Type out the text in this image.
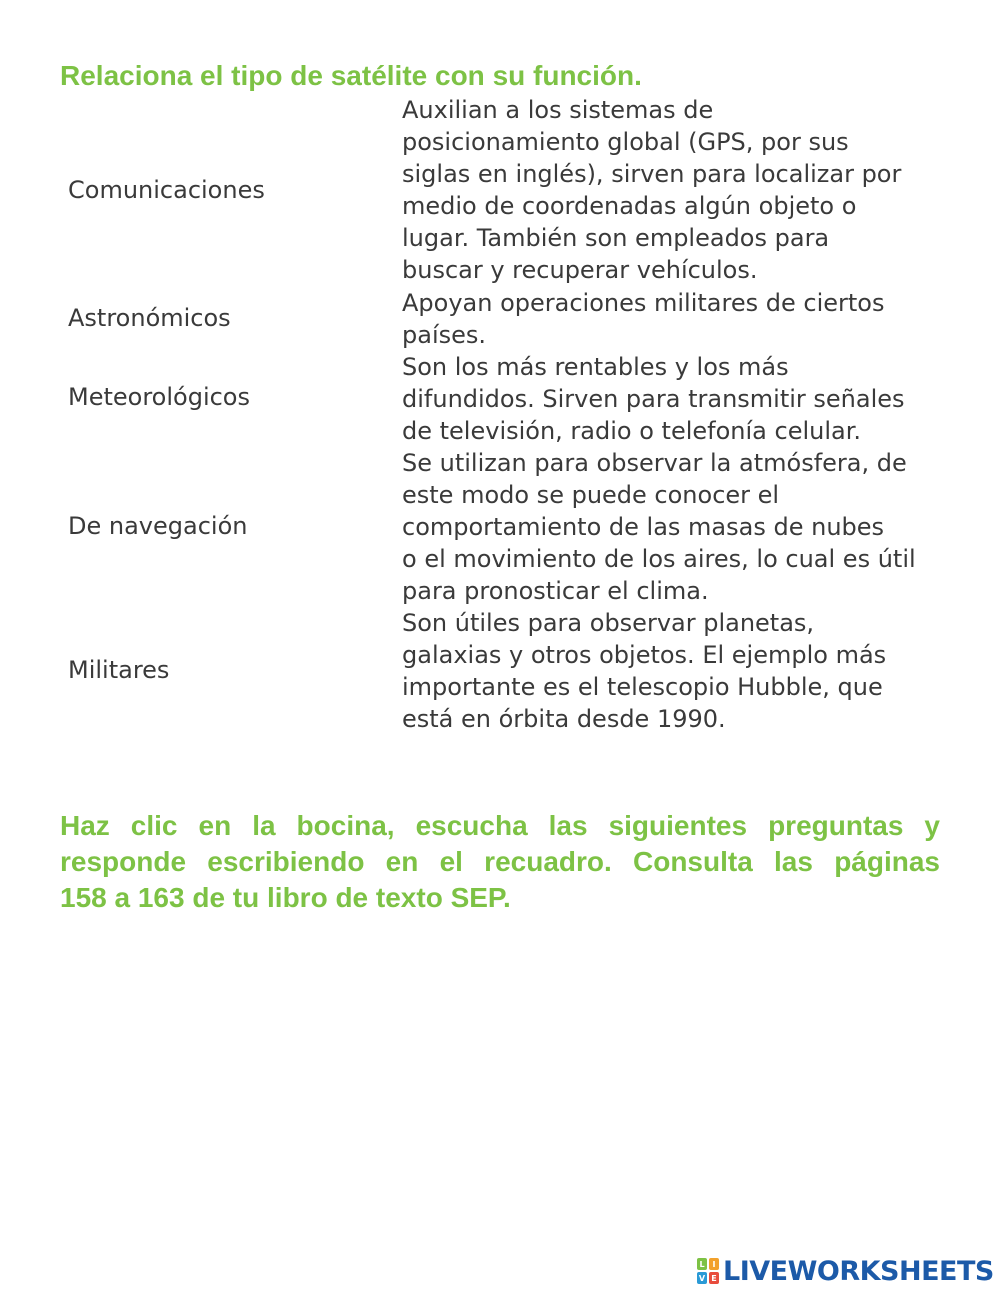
Relaciona el tipo de satélite con su función.
Comunicaciones
Astronómicos
Meteorológicos
De navegación
Militares
Auxilian a los sistemas de
posicionamiento global (GPS, por sus
siglas en inglés), sirven para localizar por
medio de coordenadas algún objeto o
lugar. También son empleados para
buscar y recuperar vehículos.
Apoyan operaciones militares de ciertos
países.
Son los más rentables y los más
difundidos. Sirven para transmitir señales
de televisión, radio o telefonía celular.
Se utilizan para observar la atmósfera, de
este modo se puede conocer el
comportamiento de las masas de nubes
o el movimiento de los aires, lo cual es útil
para pronosticar el clima.
Son útiles para observar planetas,
galaxias y otros objetos. El ejemplo más
importante es el telescopio Hubble, que
está en órbita desde 1990.
Haz clic en la bocina, escucha las siguientes preguntas y
responde escribiendo en el recuadro. Consulta las páginas
158 a 163 de tu libro de texto SEP.
L I
V E LIVEWORKSHEETS
